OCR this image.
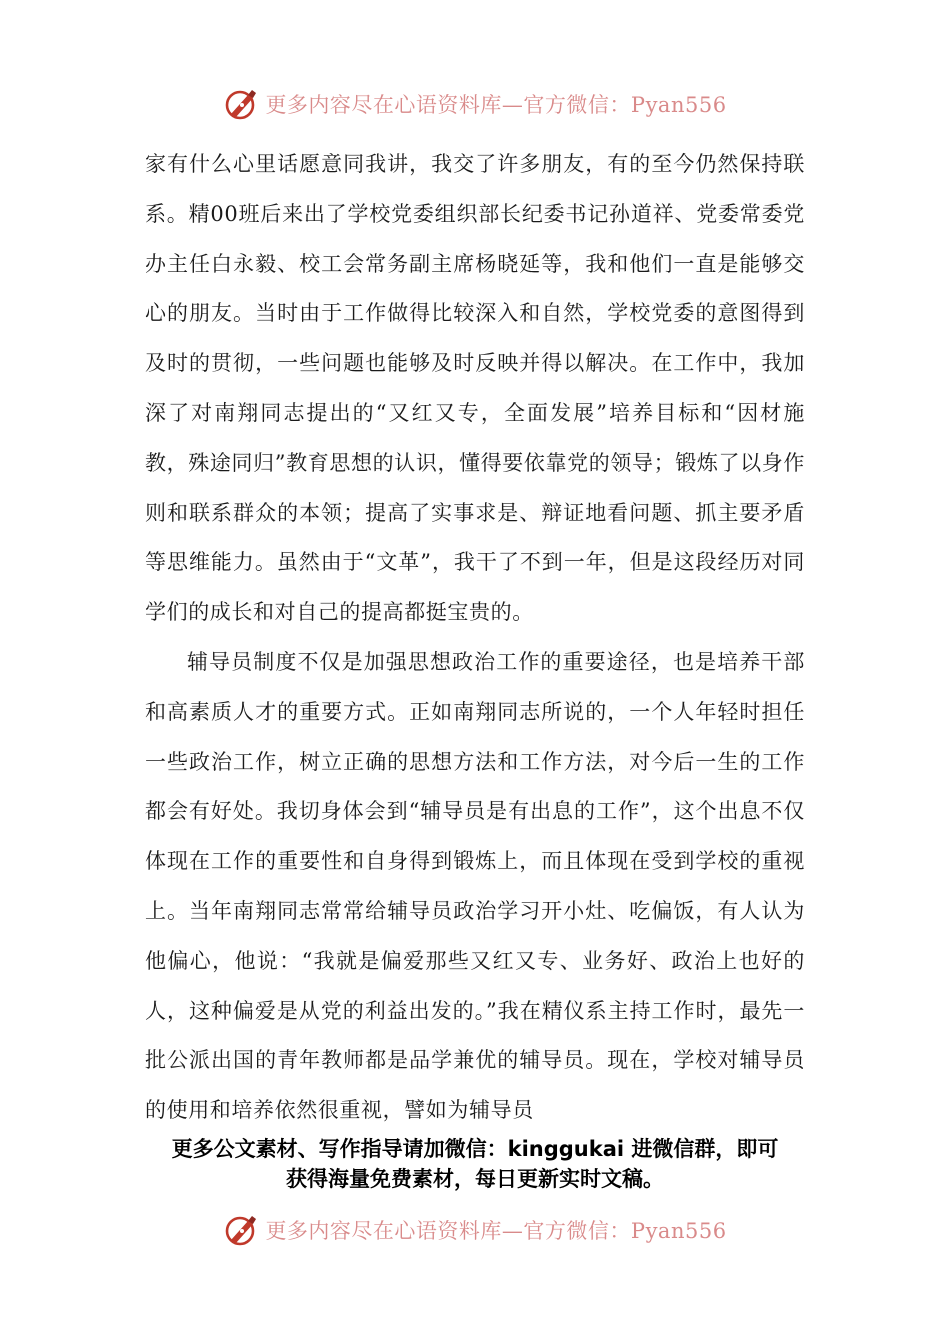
更多内容尽在心语资料库—官方微信：Pyan556

家有什么心里话愿意同我讲，我交了许多朋友，有的至今仍然保持联系。精00班后来出了学校党委组织部长纪委书记孙道祥、党委常委党办主任白永毅、校工会常务副主席杨晓延等，我和他们一直是能够交心的朋友。当时由于工作做得比较深入和自然，学校党委的意图得到及时的贯彻，一些问题也能够及时反映并得以解决。在工作中，我加深了对南翔同志提出的“又红又专，全面发展”培养目标和“因材施教，殊途同归”教育思想的认识，懂得要依靠党的领导；锻炼了以身作则和联系群众的本领；提高了实事求是、辩证地看问题、抓主要矛盾等思维能力。虽然由于“文革”，我干了不到一年，但是这段经历对同学们的成长和对自己的提高都挺宝贵的。

辅导员制度不仅是加强思想政治工作的重要途径，也是培养干部和高素质人才的重要方式。正如南翔同志所说的，一个人年轻时担任一些政治工作，树立正确的思想方法和工作方法，对今后一生的工作都会有好处。我切身体会到“辅导员是有出息的工作”，这个出息不仅体现在工作的重要性和自身得到锻炼上，而且体现在受到学校的重视上。当年南翔同志常常给辅导员政治学习开小灶、吃偏饭，有人认为他偏心，他说：“我就是偏爱那些又红又专、业务好、政治上也好的人，这种偏爱是从党的利益出发的。”我在精仪系主持工作时，最先一批公派出国的青年教师都是品学兼优的辅导员。现在，学校对辅导员的使用和培养依然很重视，譬如为辅导员

更多公文素材、写作指导请加微信：kinggukai 进微信群，即可
获得海量免费素材，每日更新实时文稿。
更多内容尽在心语资料库—官方微信：Pyan556
